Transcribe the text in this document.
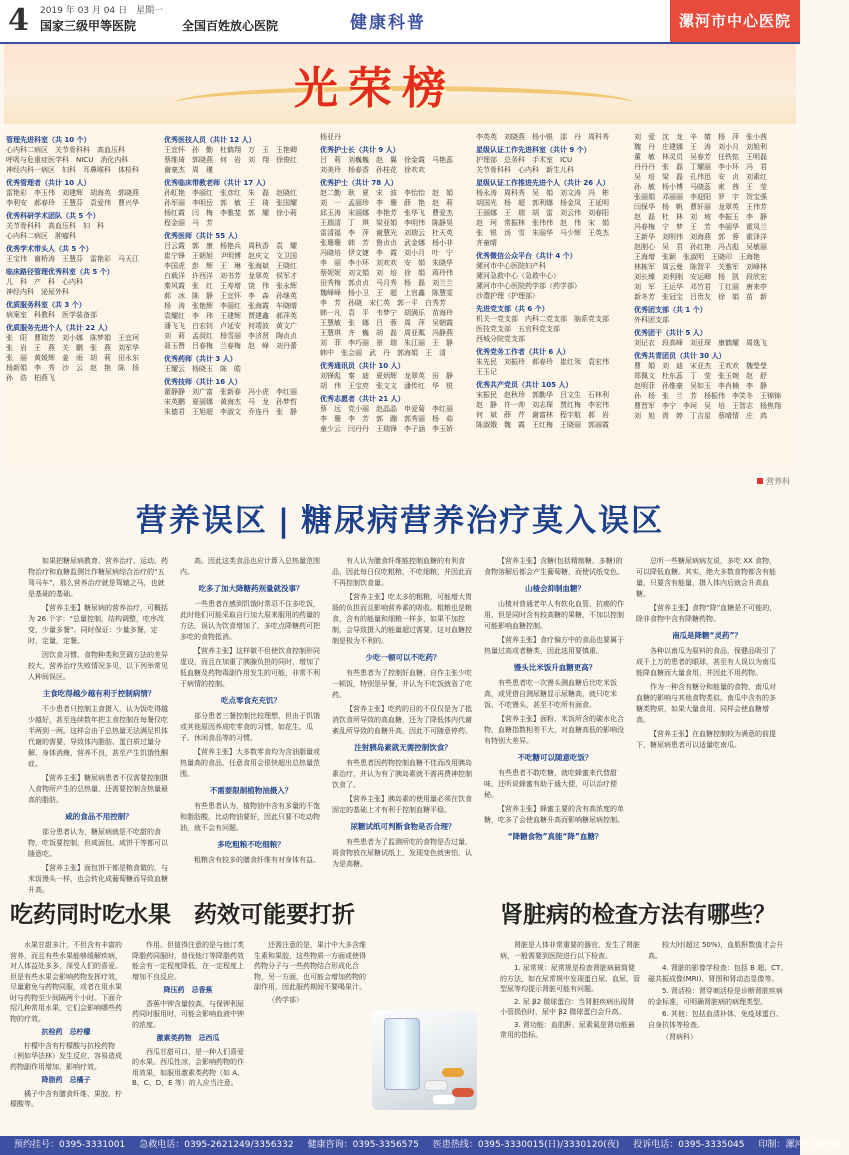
4 2019 年 03 月 04 日　星期一
国家三级甲等医院	全国百姓放心医院	健康科普	漯河市中心医院
光荣榜
管理先进科室（共 10 个）
心内科二病区　关节骨科科　高血压科
呼吸与危重症医学科　NICU　消化内科
神经内科一病区　妇科　耳鼻喉科　体检科
优秀管理者（共计 10 人）
雷艳彩　李玉伟　刘建辉　胡海英　郭晓燕
李利安　郝春玲　王慧芬　袁爱伟　曹兴华
优秀科研学术团队（共 5 个）
关节骨科科　高血压科　妇　科
心内科二病区　肿瘤科
优秀学术带头人（共 5 个）
王宝伟　谢桥涛　王慧芬　雷艳彩　马天江
临床路径管理优秀科室（共 5 个）
儿　科　产　科　心内科
神经内科　泌尿外科
优质服务科室（共 3 个）
病案室　科教科　医学装备部
优质服务先进个人（共计 22 人）
张　阳　曹瑞芳　刘小娜　陈梦娟　王宜珂
张　岩　王　燕　关　鹏　张　燕　刘军华
张　丽　黄媛辉　姜　雨　胡　莉　田永东
杨新娟　李　秀　沙　云　赵　艳　陈　扬
孙　浩　柏燕飞
优秀医技人员（共计 12 人）
王宜怀　孙　勤　杜鹤翔　万　玉　王艳卿
蔡维琦　郭晓燕　何　岩　刘　翔　徐俊红
谢豪杰　周　瑾
优秀临床带教老师（共计 17 人）
孙虹艳　李丽红　张彦红　朱　磊　赵晓红
孙军丽　李明岳　郭　敏　王　琦　张国耀
杨红霞　闫　梅　李雅斐　郭　耀　徐小莉
程金丽　马　芳
优秀医师（共计 55 人）
吕云霞　郭　康　杨艳兵　周秋香　袁　耀
崔宁锋　王朝旭　尹明博　赵庆文　文卫国
李国虎　彭　辉　王　琳　张海斌　王晓红
白载洋　许西洋　刘书芳　龙翠英　侯军才
秦风霞　张　红　王寿增　饶　伟　张永辉
郝　冰　陈　静　王宜怀　李　森　孙继英
杨　涛　张艳辉　李丽红　张海霞　车晓晴
袁耀红　李　玮　王建辉　贾建鑫　郝萍英
潘飞飞　白宏钊　卢延安　何靖波　黄文广
刘　莉　孟叔红　杨雪丽　李济贤　陶贞贞
聂玉赞　吕春梅　兰春梅　赵　峰　刘丹蕾
优秀药师（共计 3 人）
王耀云　杨晓玉　陈　皓
优秀技师（共计 16 人）
翟静静　刘广富　张新春　冯小虎　李红丽
宋英鹏　夏丽娜　黄海杰　马　龙　孙梦哲
朱德君　王旭超　李淑文　乔连丹　张　静
杨亚丹
优秀护士长（共计 9 人）
吕　莉　刘巍巍　赵　翼　徐金霞　马艳蕊
刘美玲　杨春香　孙桂花　徐欢欢
优秀护士（共计 78 人）
赵二勤　耿　夏　宋　波　李怡怡　赵　娟
刘　一　孟丽珍　李　珊　薛　艳　赵　莉
邱玉涛　宋丽娜　李艳芳　张华飞　曹爱杰
王瑞清　丁　琪　梁亚娟　李明伟　陈静昊
雷清福　李　萍　谢慧光　刘瑞云　杜天英
张珊珊　韩　芳　鲁贞贞　武金娜　杨小非
冯晓培　伊文婕　李　霞　刘小月　叶　宁
李　丽　李小环　刘欢欢　安　娟　朱晓华
蔡妮妮　刘文娟　刘　培　徐　娟　蒋玲伟
田秀梅　郭贞贞　马月秀　杨　磊　刘兰兰
魏峰峰　杨小卫　王　超　上官鑫　陈慧雯
李　芳　孙晓　宋仁英　郭一平　白秀芳
韩一凡　袁　平　韦梦宁　胡满乐　苗海玲
王慧敏　张　娜　吕　蓉　周　萍　吴朝霞
王慧琪　齐　巍　胡　磊　周亚粼　冯静燕
刘　菲　李巧丽　景　瑞　朱江丽　王　静
韩中　张会丽　武　丹　郭海娟　王　清
优秀通讯员（共计 10 人）
刘锋彪　秦　迪　夏炳辉　龙翠英　田　静
胡　伟　王宝亮　张文文　潘传红　华　锐
优秀志愿者（共计 21 人）
蔡　远　党小丽　赵晶晶　申爱菊　李红丽
李　珊　李　芳　郭　蹦　郭秀丽　杨　茹
童少云　闫丹丹　王瑞锋　李子涵　李玉娇
李英英　刘晓燕　杨小银　邵　丹　周科秀
星级认证工作先进科室（共计 9 个）
护理部　总务科　手术室　ICU
关节骨科科　心内科　新生儿科
星级认证工作推进先进个人（共计 26 人）
杨永涛　周科秀　吴　娟　刘文涛　冯　彬
胡国光　杨　超　郭利娜　杨金凤　王延明
王丽娜　王　瑞　胡　雷　刘云伟　刘春阳
赵　珂　常振林　张伟伟　赵　伟　宋　娟
张　锐　汤　雪　朱丽华　马少辉　王英杰
齐童晴
优秀微信公众平台（共计 4 个）
漯河市中心医院妇产科
漯河急救中心（急救中心）
漯河市中心医院药学部（药学部）
沙澧护理（护理部）
先进党支部（共 6 个）
机关一党支部　内科二党支部　脑系党支部
医技党支部　五官科党支部
西城分院党支部
优秀党务工作者（共计 6 人）
朱先民　刘振玲　郝春玲　崔红领　袁宏伟
王玉记
优秀共产党员（共计 105 人）
宋振民　赵秋珍　郭勤华　吕文生　石林利
赵　静　许一帅　刘志琛　贾红梅　李宏伟
何　斌　薛　芹　谢富林　程宇航　郝　岩
陈淑娥　魏　霞　王红梅　王晓丽　郭丽霞
刘　爱　沈　龙　辛　婧　杨　萍　张小茜
魏　丹　庄建娜　王　涛　刘小月　刘旭利
董　敏　林灵员　吴春芳　任铁铭　王明磊
丹丹丹　张　磊　丁耀丽　李小环　冯　君
吴　培　梁　磊　孔伟迅　安　贞　刘素红
孙　敏　杨小博　马晓蕊　索　茜　王　莹
张丽娟　邓丽丽　李迎阳　罗　宇　贺宝强
闫保华　杨　帆　曹轩丽　龙翠英　王伟芳
赵　磊　杜　林　刘　坡　李振玉　李　静
冯春梅　宁　梦　王　芳　李丽华　霍凤兰
王新华　刘明伟　刘海燕　郭　蓉　霍泽洋
赵刚心　吴　君　孙红艳　冯占彪　吴敏丽
王海增　张颖　张淑明　王晓印　王海艳
林栋军　周云曼　陈智平　关雅军　刘峰林
刘长臻　刘利刚　安运卿　杨　凯　段欣宏
刘　军　王运华　邓竹君　丁红丽　唐来亭
新冬芳　张冠宝　吕贵友　徐　娟　苗　新
优秀团支部（共 1 个）
外科团支部
优秀团干（共计 5 人）
刘记衣　段高峰　刘亚琛　康鹤耀　周逸飞
优秀共青团员（共计 30 人）
曹　娟　刘　迪　宋亚杰　王欢欢　魏瑩瑩
郑佩文　杜东蕊　丁　莹　张玉婉　赵　舒
赵明菲　孙惟豪　吴如玉　李肖楠　李　静
孙　杨　张　兰　芳　杨振伟　李笑冬　王锦锦
曹晋军　李宁　李珂　吴　培　王智志　杨焦翔
刘　旭　胥　婷　丁吉星　蔡晴情　庄　鸿
营养科
营养误区 | 糖尿病营养治疗莫入误区

如果把糖尿病教育、营养治疗、运动、药物治疗和血糖监测比作糖尿病综合治疗的“五驾马车”，那么营养治疗就是驾辕之马，也就是基础的基础。

【营养主张】糖尿病的营养治疗，可概括为 26 个字：“总量控制，结构调整，吃序改变，少量多餐”。同时保证：少量多餐，定时，定量，定餐。

因饮食习惯、食物种类和烹调方法的差异较大，营养治疗失败情况多见，以下列举常见人种间误区。

主食吃得越少越有利于控制病情？

不少患者只控制主食摄入，认为饭吃得越少越好，甚至连续数年把主食控制在每餐仅吃半两到一两。这样会由于总热量无法满足机体代谢的需要，导致体内脂肪、蛋白质过量分解，身体消瘦，营养不良，甚至产生饥饿性酮症。

【营养主张】糖尿病患者不仅需要控制摄入食物所产生的总热量，还需要控制含热量最高的脂肪。

咸的食品不用控制？

部分患者认为，糖尿病就是不吃甜的食物，吃饭要控制，但咸面包、咸饼干等都可以随意吃。

【营养主张】面包饼干都是粮食做的，与米饭馒头一样，也会转化成葡萄糖而导致血糖升高。

高。因此这类食品也应计算入总热量范围内。

吃多了加大降糖药剂量就没事？

一些患者在感到饥饿时常忍不住多吃饭，此时他们可能采取自行加大原来服用的药量的方法，误认为饮食增加了，多吃点降糖药可把多吃的食物抵消。

【营养主张】这样做不但使饮食控制形同虚设，而且在加重了胰腺负担的同时，增加了低血糖及药物毒副作用发生的可能，非常不利于病情的控制。

吃点零食充充饥？

部分患者三餐控制比较理想，但由于饥饿或其他原因养成吃零食的习惯，如花生、瓜子、休闲食品等的习惯。

【营养主张】大多数零食均为含油脂量或热量高的食品，任意食用会很快超出总热量范围。

不需要限制植物油摄入？

有些患者认为，植物油中含有多量的不饱和脂肪酸，比动物油要好，因此只要不吃动物油，就不会有问题。

多吃粗粮不吃细粮？

粗粮含有较多的膳食纤维有对身体有益。

有人认为膳食纤维能控制血糖的有利食品，因此每日仅吃粗粮，不吃细粮，并因此而不再控制饮食量。

【营养主张】吃太多的粗粮，可能增大胃肠的负担而且影响营养素的吸收。粗粮也是粮食，含有的能量和细粮一样多，如果不加控制，会导致摄入的能量超过需要，这对血糖控制是极为不利的。

少吃一顿可以不吃药？

有些患者为了控制好血糖，自作主张少吃一顿饭，特别是早餐，并认为不吃饭就省了吃药。

【营养主张】吃药的目的不仅仅是为了抵消饮食所导致的高血糖，还为了降低体内代谢紊乱所导致的血糖升高，因此不可随意停药。

注射胰岛素就无需控制饮食？

有些患者因药物控制血糖不佳而改用胰岛素治疗，并认为有了胰岛素就不需再费神控制饮食了。

【营养主张】胰岛素的使用量必须在饮食固定的基础上才有利于控制血糖平稳。

尿糖试纸可判断食物是否合理？

有些患者为了监测所吃的食物是否过量，将食物放在尿糖试纸上，发现变色就害怕，认为是高糖。

【营养主张】含糖(包括精制糖、多糖)的食物溶解后都会产生葡萄糖，而使试纸变色。

山楂会抑制血糖？

山楂对普通老年人有软化血管、抗癌的作用，但是同时含有较高糖的果糖，不加以控制可能影响血糖控制。

【营养主张】食疗偏方中的食品也要属于热量过高或者糖类，因此选用要慎重。

馒头比米饭升血糖更高？

有些患者吃一次馒头测血糖后比吃米饭高，或凭借自测尿糖显示尿糖高，就只吃米饭、不吃馒头，甚至不吃所有面食。

【营养主张】面粉、米饭所含的碳水化合物，血糖指数相差不大，对血糖高低的影响没有特别大差异。

不吃糖可以随意吃饭？

有些患者不敢吃糖，就吃蜂蜜来代替甜味，还听说蜂蜜有助于通大便，可以治疗便秘。

【营养主张】蜂蜜主要的含有高浓度的单糖，吃多了会使血糖升高而影响糖尿病控制。

“降糖食物”真能“降”血糖？

总听一些糖尿病病友说，多吃 XX 食物，可以降低血糖。其实，绝大多数食物都含有能量，只要含有能量，摄入体内后就会升高血糖。

【营养主张】食物“降”血糖是不可能的，除非食物中含有降糖药物。

南瓜是降糖“灵药”？

各种以南瓜为原料的食品，保健品吸引了成千上万的患者的眼球，甚至有人误以为南瓜能降血糖而大量食用，并因此不用药物。

作为一种含有糖分和能量的食物，南瓜对血糖的影响与其他食物类似。南瓜中含有的多糖类物质，如果大量食用，同样会使血糖增高。

【营养主张】在血糖控制较为满意的前提下，糖尿病患者可以适量吃南瓜。

吃药同时吃水果　药效可能要打折	肾脏病的检查方法有哪些？

水果甘甜多汁，不但含有丰富的营养，而且有些水果能够缓解疾病，对人体益处多多，深受人们的喜爱。但是有些水果会影响药物发挥疗效，尽量避免与药物同服，或者在用水果时与药物至少间隔两个小时。下面介绍几种常用水果，它们会影响哪些药物的疗效。

抗栓药　忌柠檬

柠檬中含有柠檬酸与抗栓药物（例如华法林）发生反应，容易造成药物副作用增加，影响疗效。

降脂药　忌橘子

橘子中含有膳食纤维、果胶、柠檬酸等。

作用。但值得注意的是与他汀类降脂药同服时，普伐他汀等降脂药效能会有一定程度降低，在一定程度上增加不良反应。

降压药　忌香蕉

香蕉中钾含量较高，与保钾利尿药同时服用时，可能会影响血液中钾的浓度。

激素类药物　忌西瓜

西瓜甘甜可口，是一种人们喜爱的水果。西瓜性凉，会影响药物的作用效果，如服用激素类药物（如 A、B、C、D、E 等）的人应当注意。

还需注意的是，果汁中大多含维生素和果胶，这些物质一方面或使得药物分子与一些药物结合形成化合物，另一方面，也可能会增加药物的副作用，因此服药期间不要喝果汁。

（药学部）

肾脏是人体非常重要的器官，发生了肾脏病，一般需要到医院进行以下检查。

1. 尿常规：尿常规是检查肾脏病最简便的方法，如在尿常规中发现蛋白尿、血尿、管型尿等均提示肾脏可能有问题。

2. 尿 β2 微球蛋白：当肾脏疾病出现肾小管损伤时，尿中 β2 微球蛋白会升高。

3. 肾功能：血肌酐、尿素氮是肾功能最常用的指标。

较大时(超过 50%)，血肌酐数值才会升高。

4. 肾脏的影像学检查：包括 B 超、CT、磁共振成像(MRI)、肾图和肾动态显像等。

5. 肾活检：肾穿刺活检是诊断肾脏疾病的金标准，可明确肾脏病的病理类型。

6. 其他：包括血清补体、免疫球蛋白、自身抗体等检查。

（肾病科）

预约挂号：0395-3331001 急救电话：0395-2621249/3356332 健康咨询：0395-3356575 医患热线：0395-3330015(日)/3330120(夜) 投诉电话：0395-3335045 印制：漯河日报印刷厂
